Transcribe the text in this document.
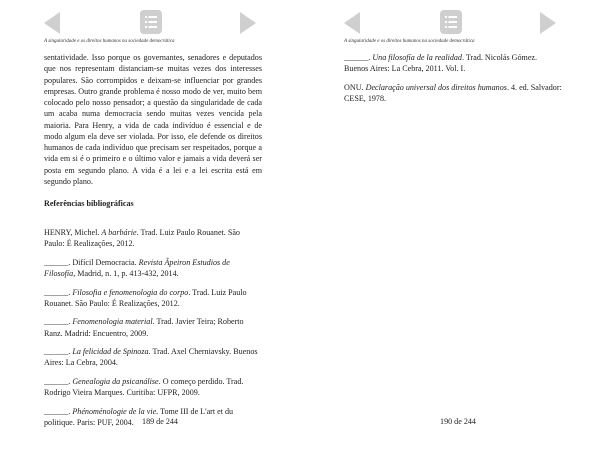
A singularidade e os direitos humanos na sociedade democrática
sentatividade. Isso porque os governantes, senadores e deputados que nos representam distanciam-se muitas vezes dos interesses populares. São corrompidos e deixam-se influenciar por grandes empresas. Outro grande problema é nosso modo de ver, muito bem colocado pelo nosso pensador; a questão da singularidade de cada um acaba numa democracia sendo muitas vezes vencida pela maioria. Para Henry, a vida de cada indivíduo é essencial e de modo algum ela deve ser violada. Por isso, ele defende os direitos humanos de cada indivíduo que precisam ser respeitados, porque a vida em si é o primeiro e o último valor e jamais a vida deverá ser posta em segundo plano. A vida é a lei e a lei escrita está em segundo plano.
Referências bibliográficas
HENRY, Michel. A barbárie. Trad. Luiz Paulo Rouanet. São Paulo: É Realizações, 2012.
______. Difícil Democracia. Revista Âpeiron Estudios de Filosofía, Madrid, n. 1, p. 413-432, 2014.
______. Filosofia e fenomenologia do corpo. Trad. Luiz Paulo Rouanet. São Paulo: É Realizações, 2012.
______. Fenomenologia material. Trad. Javier Teira; Roberto Ranz. Madrid: Encuentro, 2009.
______. La felicidad de Spinoza. Trad. Axel Cherniavsky. Buenos Aires: La Cebra, 2004.
______. Genealogia da psicanálise. O começo perdido. Trad. Rodrigo Vieira Marques. Curitiba: UFPR, 2009.
______. Phénoménologie de la vie. Tome III de L'art et du politique. Paris: PUF, 2004.	189 de 244
A singularidade e os direitos humanos na sociedade democrática
______. Una filosofía de la realidad. Trad. Nicolás Gómez. Buenos Aires: La Cebra, 2011. Vol. I.
ONU. Declaração universal dos direitos humanos. 4. ed. Salvador: CESE, 1978.
190 de 244
